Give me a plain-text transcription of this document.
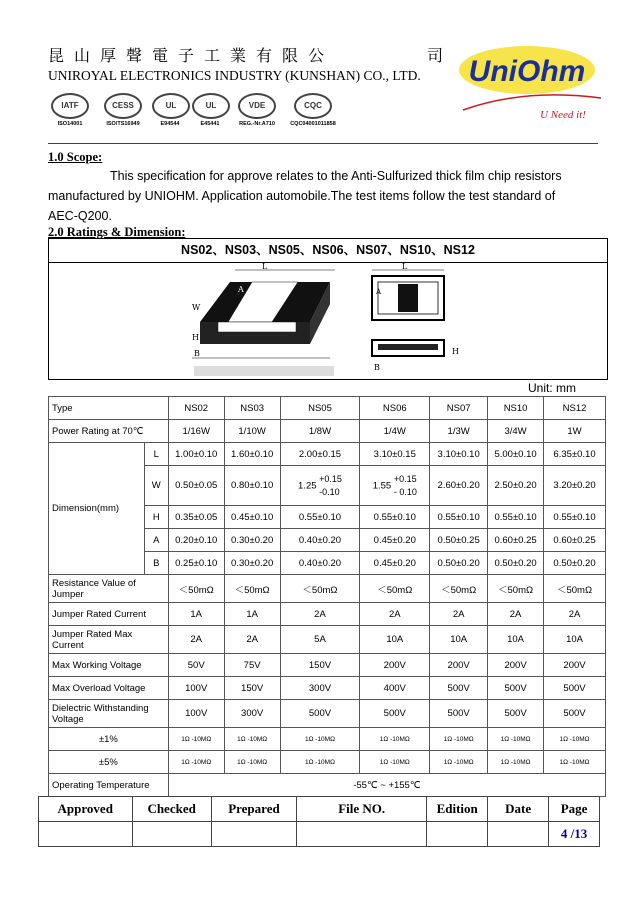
昆山厚聲電子工業有限公	司
UNIROYAL ELECTRONICS INDUSTRY (KUNSHAN) CO., LTD.
IATF
ISO14001
CESS
ISO/TS16949
UL
E94544
UL
E45441
VDE
REG.-Nr.A710
CQC
CQC04001011858
UniOhm
U Need it!
1.0 Scope:
This specification for approve relates to the Anti-Sulfurized thick film chip resistors manufactured by UNIOHM. Application automobile.The test items follow the test standard of AEC-Q200.
2.0 Ratings & Dimension:
NS02、NS03、NS05、NS06、NS07、NS10、NS12
L
A
W
H
B
L
A
H
B
Unit: mm
Type		NS02	NS03	NS05	NS06	NS07	NS10	NS12
Power Rating at 70℃		1/16W	1/10W	1/8W	1/4W	1/3W	3/4W	1W
Dimension(mm)	L	1.00±0.10	1.60±0.10	2.00±0.15	3.10±0.15	3.10±0.10	5.00±0.10	6.35±0.10
	W	0.50±0.05	0.80±0.10	1.25 +0.15
-0.10	1.55 +0.15
- 0.10	2.60±0.20	2.50±0.20	3.20±0.20
	H	0.35±0.05	0.45±0.10	0.55±0.10	0.55±0.10	0.55±0.10	0.55±0.10	0.55±0.10
	A	0.20±0.10	0.30±0.20	0.40±0.20	0.45±0.20	0.50±0.25	0.60±0.25	0.60±0.25
	B	0.25±0.10	0.30±0.20	0.40±0.20	0.45±0.20	0.50±0.20	0.50±0.20	0.50±0.20
Resistance Value of Jumper		＜50mΩ	＜50mΩ	＜50mΩ	＜50mΩ	＜50mΩ	＜50mΩ	＜50mΩ
Jumper Rated Current		1A	1A	2A	2A	2A	2A	2A
Jumper Rated Max Current		2A	2A	5A	10A	10A	10A	10A
Max Working Voltage		50V	75V	150V	200V	200V	200V	200V
Max Overload Voltage		100V	150V	300V	400V	500V	500V	500V
Dielectric Withstanding Voltage		100V	300V	500V	500V	500V	500V	500V
±1%		1Ω -10MΩ	1Ω -10MΩ	1Ω -10MΩ	1Ω -10MΩ	1Ω -10MΩ	1Ω -10MΩ	1Ω -10MΩ
±5%		1Ω -10MΩ	1Ω -10MΩ	1Ω -10MΩ	1Ω -10MΩ	1Ω -10MΩ	1Ω -10MΩ	1Ω -10MΩ
Operating Temperature		-55℃ ~ +155℃						
Approved	Checked	Prepared	File NO.	Edition	Date	Page
						4 /13
